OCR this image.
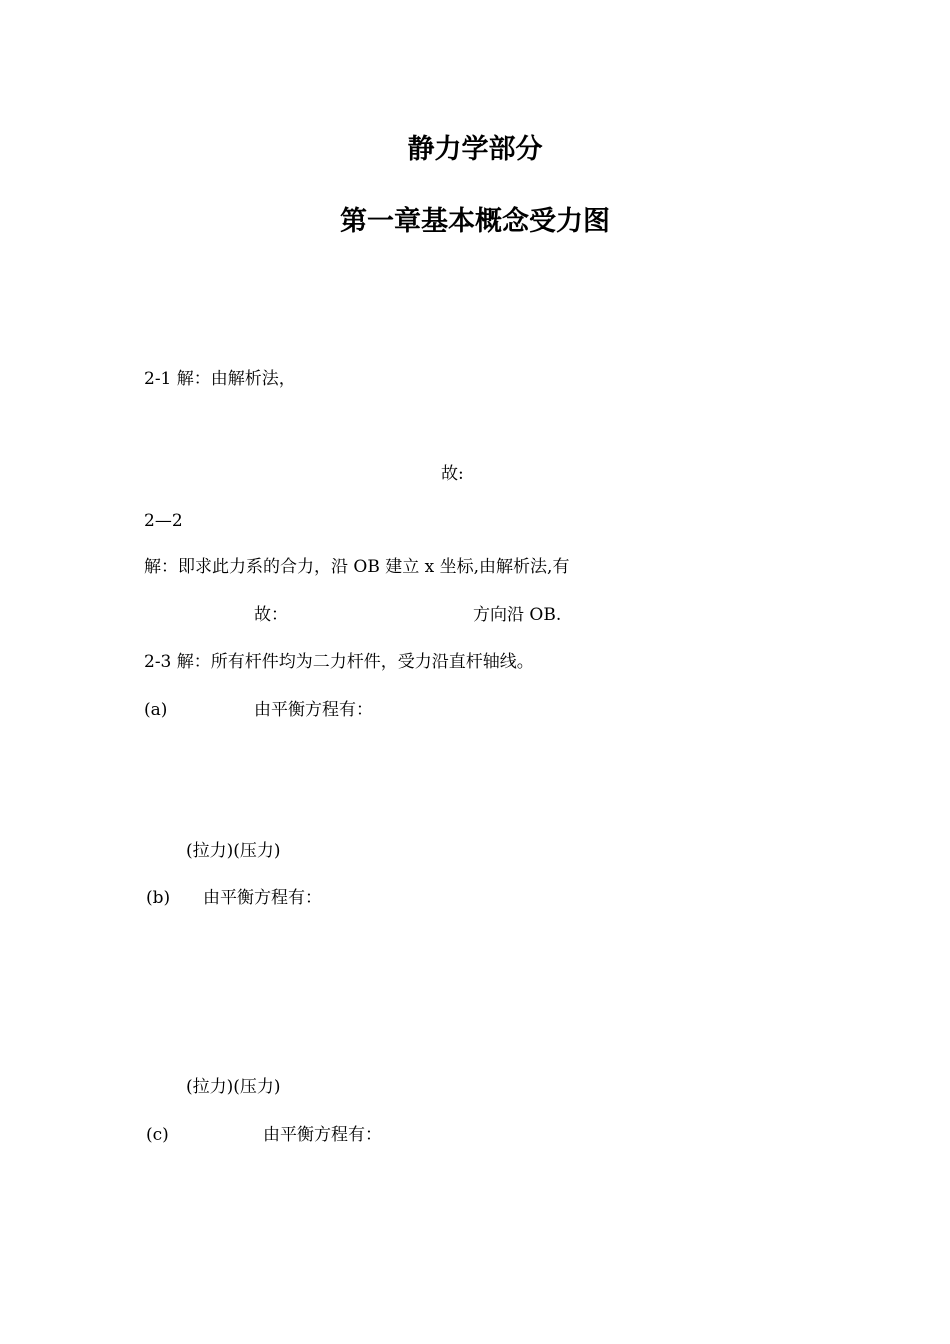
静力学部分
第一章基本概念受力图
2-1 解：由解析法，
故:
2—2
解：即求此力系的合力，沿 OB 建立 x 坐标,由解析法,有
故：	方向沿 OB.
2-3 解：所有杆件均为二力杆件，受力沿直杆轴线。
(a)	由平衡方程有：
(拉力)(压力)
(b) 由平衡方程有：
(拉力)(压力)
(c)	由平衡方程有：
